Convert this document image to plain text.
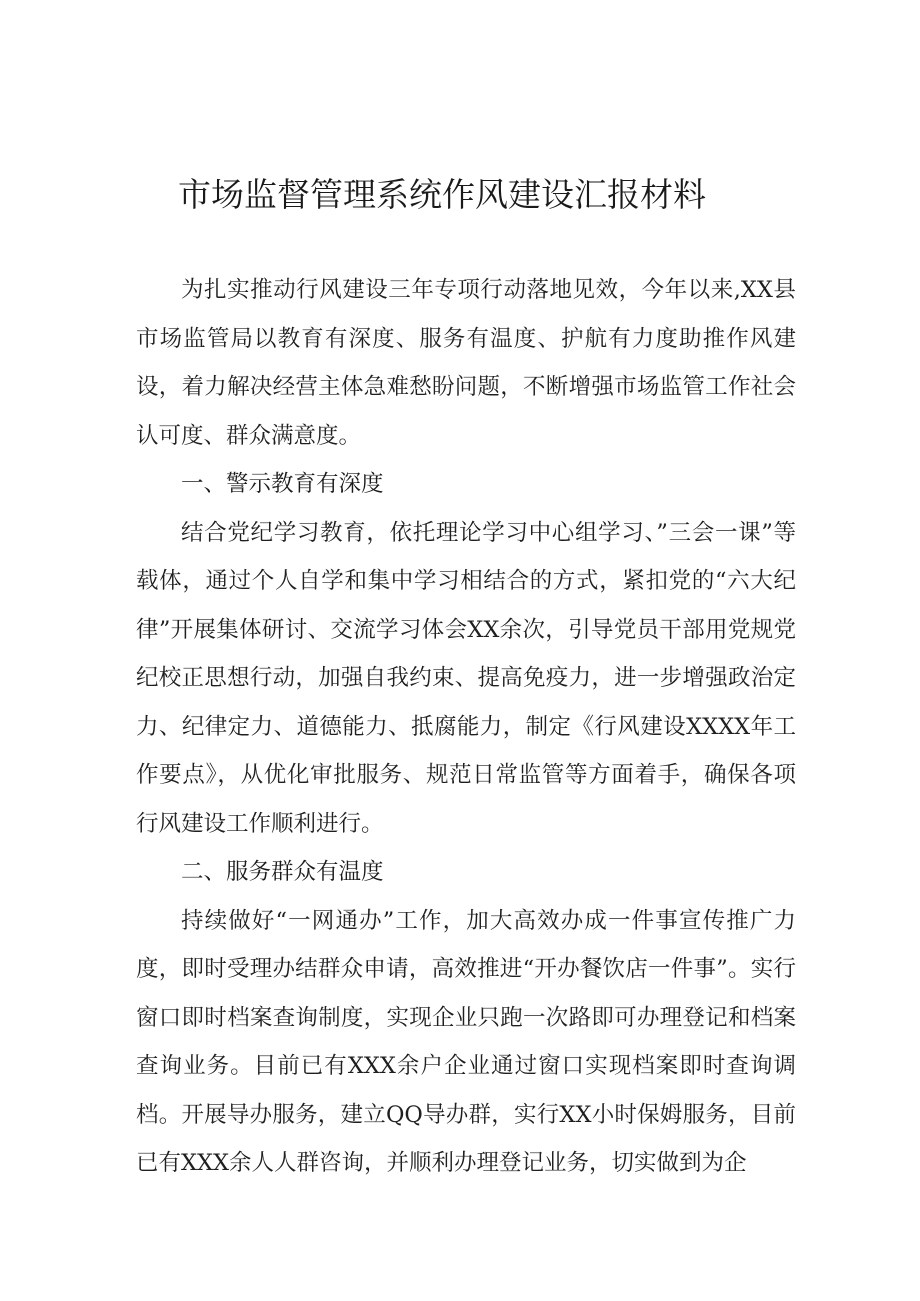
市场监督管理系统作风建设汇报材料

为扎实推动行风建设三年专项行动落地见效，今年以来,XX县市场监管局以教育有深度、服务有温度、护航有力度助推作风建设，着力解决经营主体急难愁盼问题，不断增强市场监管工作社会认可度、群众满意度。

一、警示教育有深度

结合党纪学习教育，依托理论学习中心组学习、”三会一课”等载体，通过个人自学和集中学习相结合的方式，紧扣党的“六大纪律”开展集体研讨、交流学习体会XX余次，引导党员干部用党规党纪校正思想行动，加强自我约束、提高免疫力，进一步增强政治定力、纪律定力、道德能力、抵腐能力，制定《行风建设XXXX年工作要点》，从优化审批服务、规范日常监管等方面着手，确保各项行风建设工作顺利进行。

二、服务群众有温度

持续做好“一网通办”工作，加大高效办成一件事宣传推广力度，即时受理办结群众申请，高效推进“开办餐饮店一件事”。实行窗口即时档案查询制度，实现企业只跑一次路即可办理登记和档案查询业务。目前已有XXX余户企业通过窗口实现档案即时查询调档。开展导办服务，建立QQ导办群，实行XX小时保姆服务，目前已有XXX余人人群咨询，并顺利办理登记业务，切实做到为企
